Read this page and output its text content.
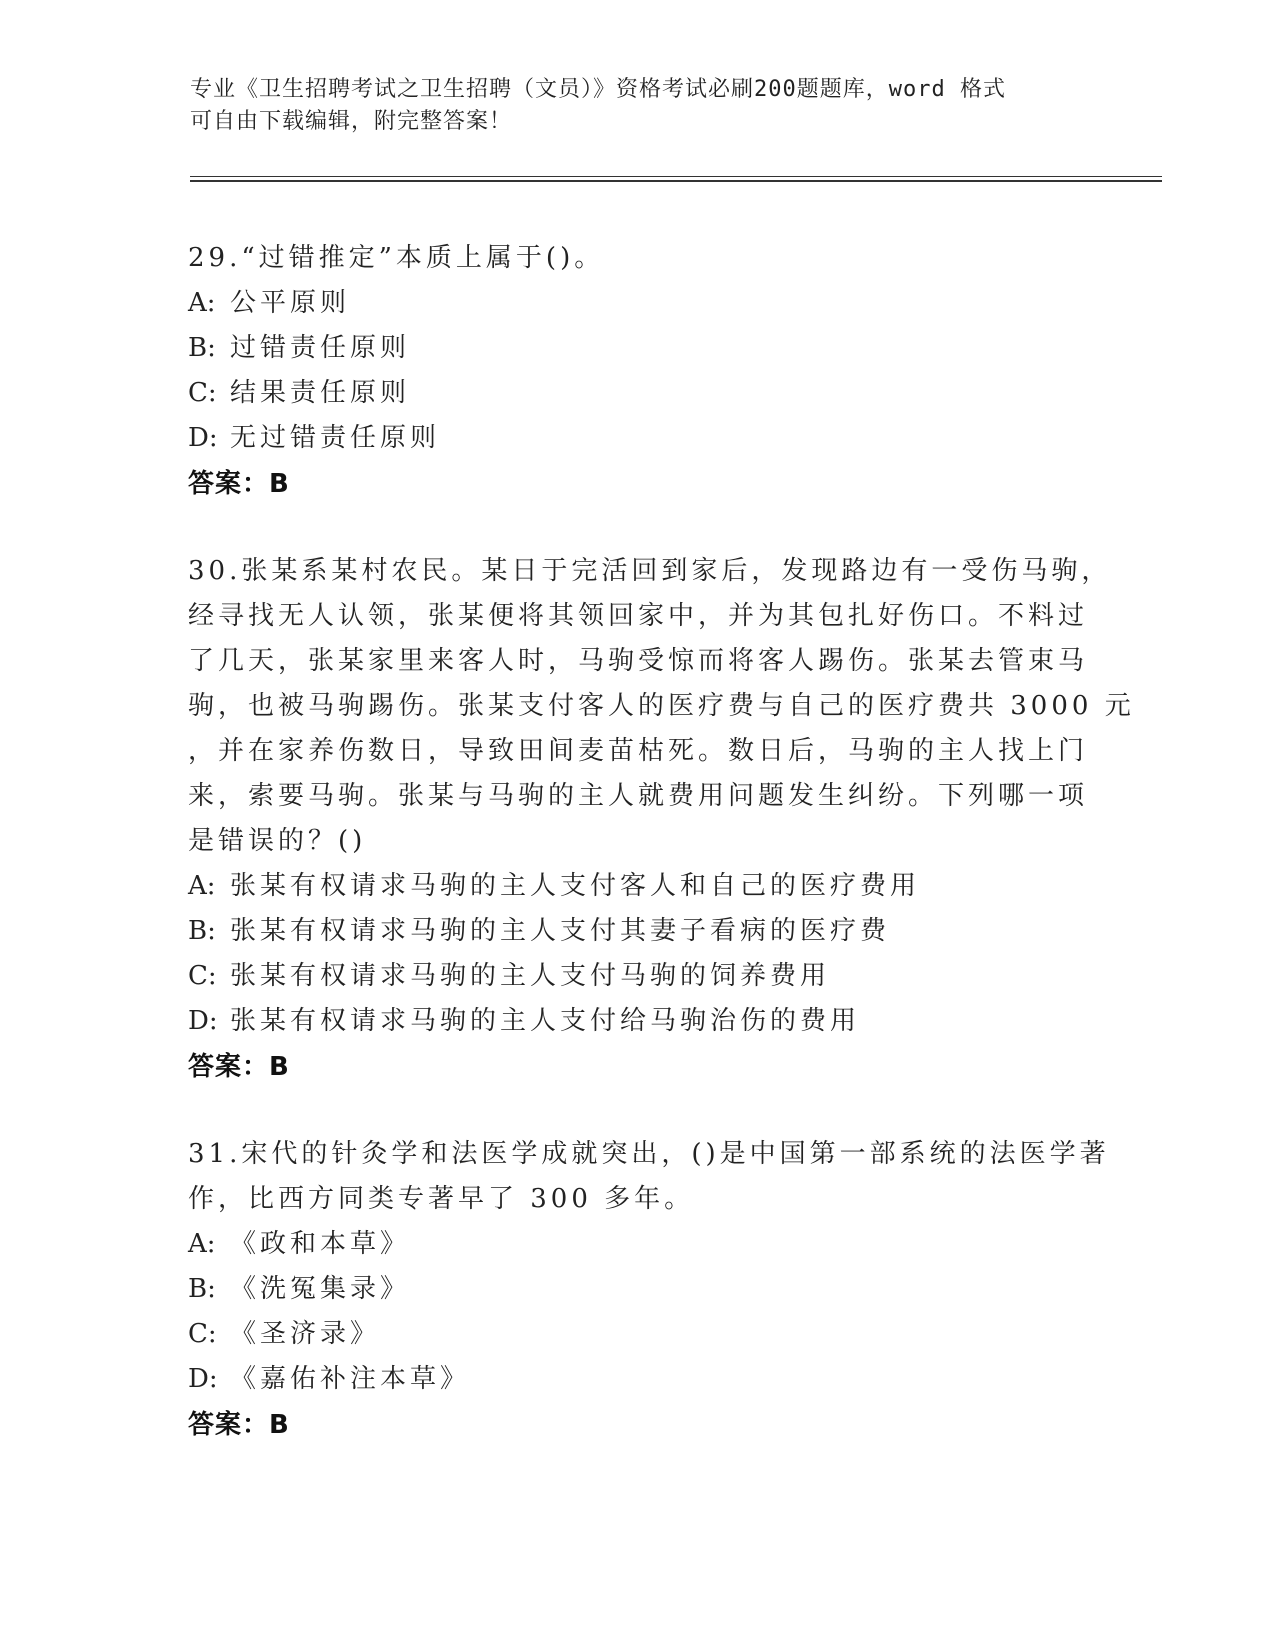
专业《卫生招聘考试之卫生招聘（文员）》资格考试必刷200题题库，word 格式

可自由下载编辑，附完整答案！

29.“过错推定”本质上属于()。
A: 公平原则
B: 过错责任原则
C: 结果责任原则
D: 无过错责任原则
答案：B
30.张某系某村农民。某日于完活回到家后，发现路边有一受伤马驹，
经寻找无人认领，张某便将其领回家中，并为其包扎好伤口。不料过
了几天，张某家里来客人时，马驹受惊而将客人踢伤。张某去管束马
驹，也被马驹踢伤。张某支付客人的医疗费与自己的医疗费共 3000 元
，并在家养伤数日，导致田间麦苗枯死。数日后，马驹的主人找上门
来，索要马驹。张某与马驹的主人就费用问题发生纠纷。下列哪一项
是错误的？()
A: 张某有权请求马驹的主人支付客人和自己的医疗费用
B: 张某有权请求马驹的主人支付其妻子看病的医疗费
C: 张某有权请求马驹的主人支付马驹的饲养费用
D: 张某有权请求马驹的主人支付给马驹治伤的费用
答案：B
31.宋代的针灸学和法医学成就突出，()是中国第一部系统的法医学著
作，比西方同类专著早了 300 多年。
A: 《政和本草》
B: 《洗冤集录》
C: 《圣济录》
D: 《嘉佑补注本草》
答案：B
